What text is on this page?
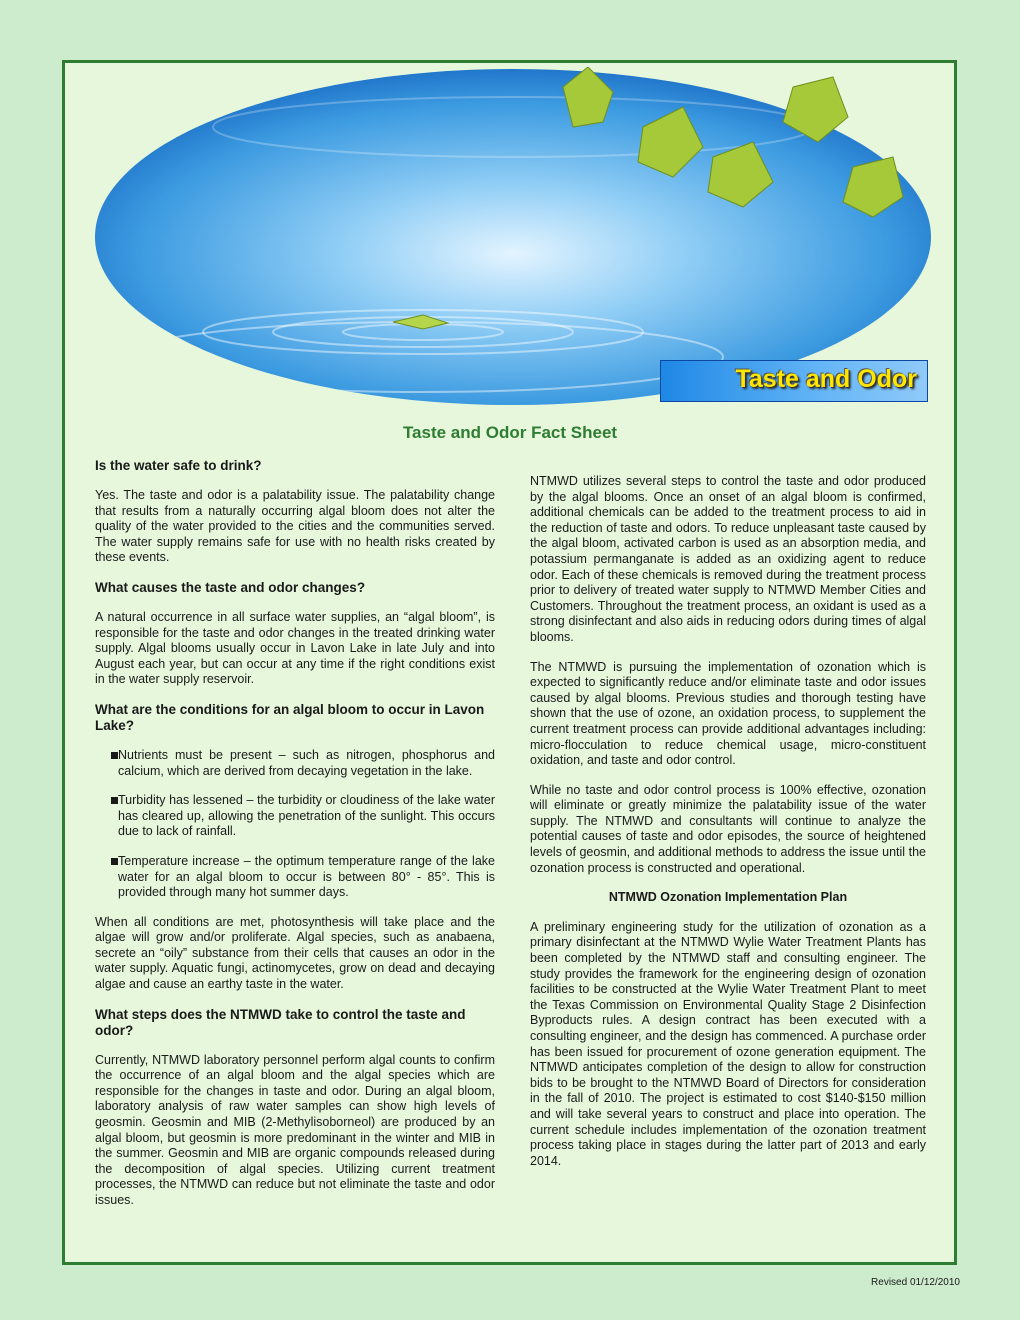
Taste and Odor
Taste and Odor Fact Sheet
Is the water safe to drink?

Yes. The taste and odor is a palatability issue. The palatability change that results from a naturally occurring algal bloom does not alter the quality of the water provided to the cities and the communities served. The water supply remains safe for use with no health risks created by these events.

What causes the taste and odor changes?

A natural occurrence in all surface water supplies, an “algal bloom”, is responsible for the taste and odor changes in the treated drinking water supply. Algal blooms usually occur in Lavon Lake in late July and into August each year, but can occur at any time if the right conditions exist in the water supply reservoir.

What are the conditions for an algal bloom to occur in Lavon Lake?
Nutrients must be present – such as nitrogen, phosphorus and calcium, which are derived from decaying vegetation in the lake.
Turbidity has lessened – the turbidity or cloudiness of the lake water has cleared up, allowing the penetration of the sunlight. This occurs due to lack of rainfall.
Temperature increase – the optimum temperature range of the lake water for an algal bloom to occur is between 80° - 85°. This is provided through many hot summer days.

When all conditions are met, photosynthesis will take place and the algae will grow and/or proliferate. Algal species, such as anabaena, secrete an “oily” substance from their cells that causes an odor in the water supply. Aquatic fungi, actinomycetes, grow on dead and decaying algae and cause an earthy taste in the water.

What steps does the NTMWD take to control the taste and odor?

Currently, NTMWD laboratory personnel perform algal counts to confirm the occurrence of an algal bloom and the algal species which are responsible for the changes in taste and odor. During an algal bloom, laboratory analysis of raw water samples can show high levels of geosmin. Geosmin and MIB (2-Methylisoborneol) are produced by an algal bloom, but geosmin is more predominant in the winter and MIB in the summer. Geosmin and MIB are organic compounds released during the decomposition of algal species. Utilizing current treatment processes, the NTMWD can reduce but not eliminate the taste and odor issues.

NTMWD utilizes several steps to control the taste and odor produced by the algal blooms. Once an onset of an algal bloom is confirmed, additional chemicals can be added to the treatment process to aid in the reduction of taste and odors. To reduce unpleasant taste caused by the algal bloom, activated carbon is used as an absorption media, and potassium permanganate is added as an oxidizing agent to reduce odor. Each of these chemicals is removed during the treatment process prior to delivery of treated water supply to NTMWD Member Cities and Customers. Throughout the treatment process, an oxidant is used as a strong disinfectant and also aids in reducing odors during times of algal blooms.

The NTMWD is pursuing the implementation of ozonation which is expected to significantly reduce and/or eliminate taste and odor issues caused by algal blooms. Previous studies and thorough testing have shown that the use of ozone, an oxidation process, to supplement the current treatment process can provide additional advantages including: micro-flocculation to reduce chemical usage, micro-constituent oxidation, and taste and odor control.

While no taste and odor control process is 100% effective, ozonation will eliminate or greatly minimize the palatability issue of the water supply. The NTMWD and consultants will continue to analyze the potential causes of taste and odor episodes, the source of heightened levels of geosmin, and additional methods to address the issue until the ozonation process is constructed and operational.

NTMWD Ozonation Implementation Plan

A preliminary engineering study for the utilization of ozonation as a primary disinfectant at the NTMWD Wylie Water Treatment Plants has been completed by the NTMWD staff and consulting engineer. The study provides the framework for the engineering design of ozonation facilities to be constructed at the Wylie Water Treatment Plant to meet the Texas Commission on Environmental Quality Stage 2 Disinfection Byproducts rules. A design contract has been executed with a consulting engineer, and the design has commenced. A purchase order has been issued for procurement of ozone generation equipment. The NTMWD anticipates completion of the design to allow for construction bids to be brought to the NTMWD Board of Directors for consideration in the fall of 2010. The project is estimated to cost $140-$150 million and will take several years to construct and place into operation. The current schedule includes implementation of the ozonation treatment process taking place in stages during the latter part of 2013 and early 2014.

Revised 01/12/2010
